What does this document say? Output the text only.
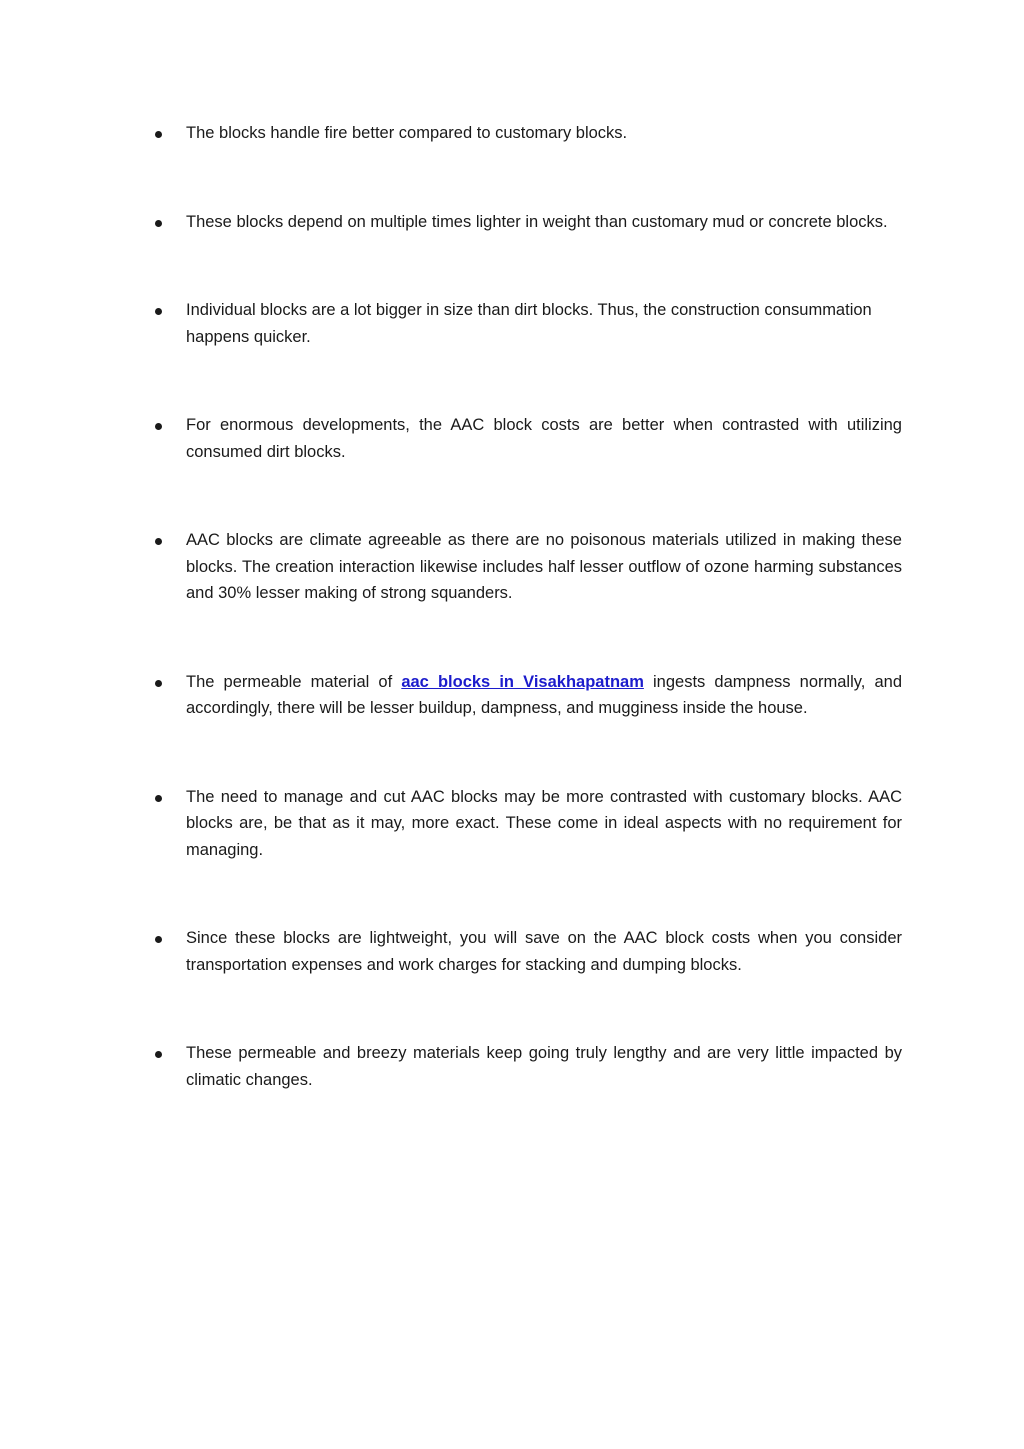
The blocks handle fire better compared to customary blocks.
These blocks depend on multiple times lighter in weight than customary mud or concrete blocks.
Individual blocks are a lot bigger in size than dirt blocks. Thus, the construction consummation happens quicker.
For enormous developments, the AAC block costs are better when contrasted with utilizing consumed dirt blocks.
AAC blocks are climate agreeable as there are no poisonous materials utilized in making these blocks. The creation interaction likewise includes half lesser outflow of ozone harming substances and 30% lesser making of strong squanders.
The permeable material of aac blocks in Visakhapatnam ingests dampness normally, and accordingly, there will be lesser buildup, dampness, and mugginess inside the house.
The need to manage and cut AAC blocks may be more contrasted with customary blocks. AAC blocks are, be that as it may, more exact. These come in ideal aspects with no requirement for managing.
Since these blocks are lightweight, you will save on the AAC block costs when you consider transportation expenses and work charges for stacking and dumping blocks.
These permeable and breezy materials keep going truly lengthy and are very little impacted by climatic changes.
